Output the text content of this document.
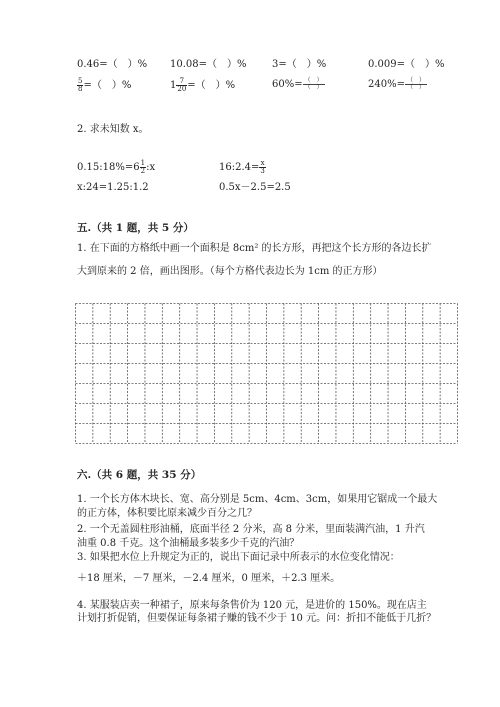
0.46=（　）% 10.08=（　）%	3=（　）%	0.009=（　）%
$\frac{5}{8}$ =（　）%	$1 \frac{7}{20}$ =（　）%	$60\%= \frac{( )}{( )}$	$240\%= \frac{( )}{( )}$
2. 求未知数 x。
0.15:18%=6 $\frac{1}{2}$ :x	16:2.4= $\frac{x}{3}$
x:24=1.25:1.2	0.5x－2.5=2.5
五.（共 1 题，共 5 分）
1. 在下面的方格纸中画一个面积是 8cm² 的长方形，再把这个长方形的各边长扩
大到原来的 2 倍，画出图形。（每个方格代表边长为 1cm 的正方形）
六.（共 6 题，共 35 分）
1. 一个长方体木块长、宽、高分别是 5cm、4cm、3cm，如果用它锯成一个最大
的正方体，体积要比原来减少百分之几？
2. 一个无盖圆柱形油桶，底面半径 2 分米，高 8 分米，里面装满汽油，1 升汽
油重 0.8 千克。这个油桶最多装多少千克的汽油？
3. 如果把水位上升规定为正的，说出下面记录中所表示的水位变化情况：
＋18 厘米，－7 厘米，－2.4 厘米，0 厘米，＋2.3 厘米。
4. 某服装店卖一种裙子，原来每条售价为 120 元，是进价的 150%。现在店主
计划打折促销，但要保证每条裙子赚的钱不少于 10 元。问：折扣不能低于几折？
